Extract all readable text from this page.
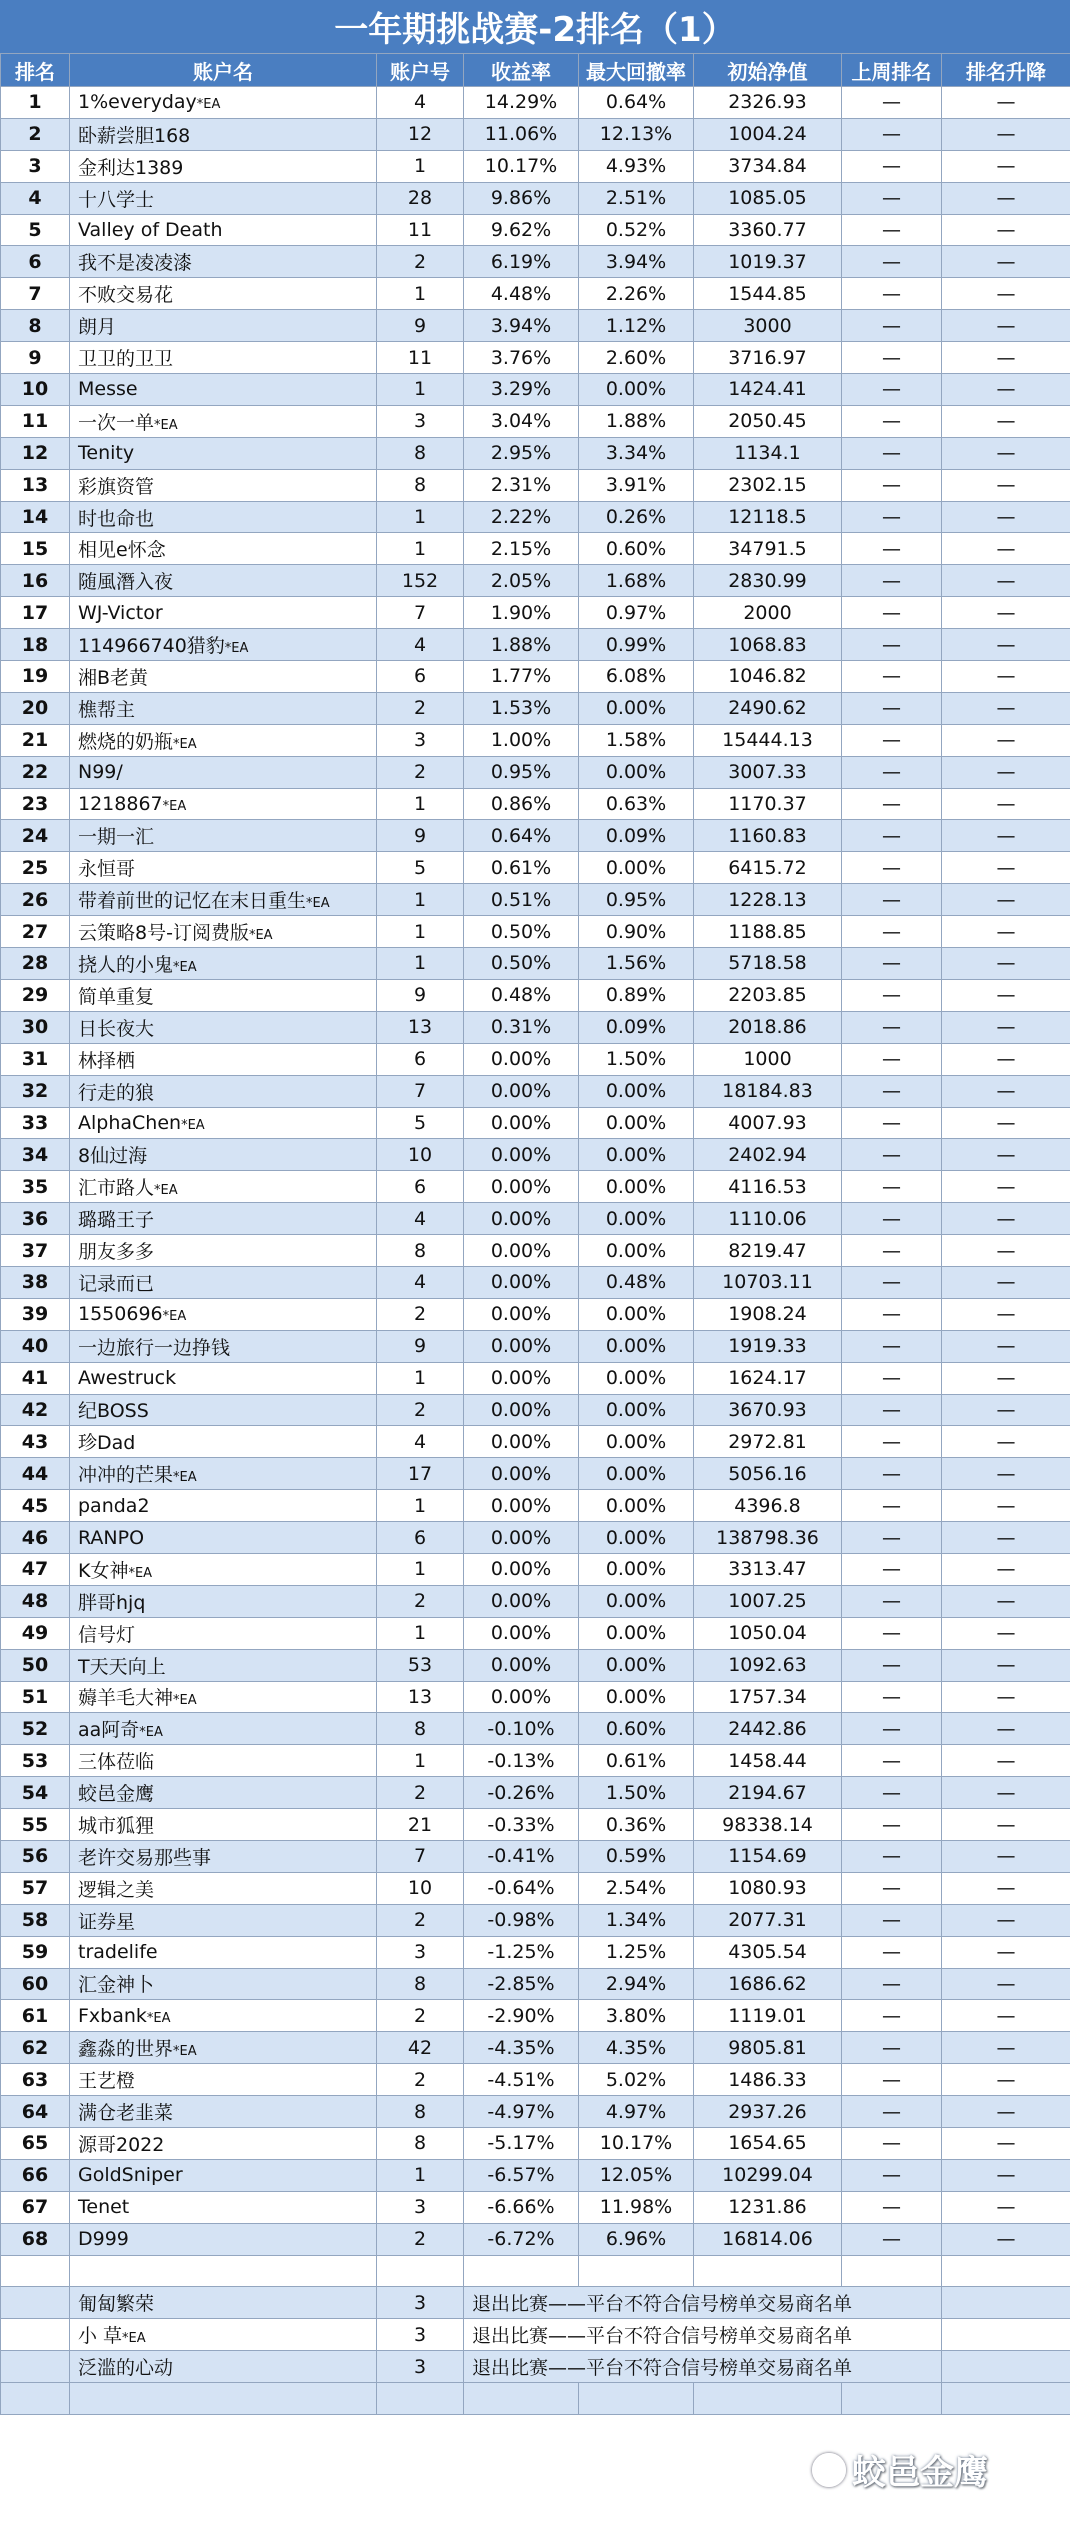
一年期挑战赛-2排名（1）
排名	账户名	账户号	收益率	最大回撤率	初始净值	上周排名	排名升降
1	1%everyday*EA	4	14.29%	0.64%	2326.93	—	—
2	卧薪尝胆168	12	11.06%	12.13%	1004.24	—	—
3	金利达1389	1	10.17%	4.93%	3734.84	—	—
4	十八学士	28	9.86%	2.51%	1085.05	—	—
5	Valley of Death	11	9.62%	0.52%	3360.77	—	—
6	我不是凌凌漆	2	6.19%	3.94%	1019.37	—	—
7	不败交易花	1	4.48%	2.26%	1544.85	—	—
8	朗月	9	3.94%	1.12%	3000	—	—
9	卫卫的卫卫	11	3.76%	2.60%	3716.97	—	—
10	Messe	1	3.29%	0.00%	1424.41	—	—
11	一次一单*EA	3	3.04%	1.88%	2050.45	—	—
12	Tenity	8	2.95%	3.34%	1134.1	—	—
13	彩旗资管	8	2.31%	3.91%	2302.15	—	—
14	时也命也	1	2.22%	0.26%	12118.5	—	—
15	相见e怀念	1	2.15%	0.60%	34791.5	—	—
16	随風潛入夜	152	2.05%	1.68%	2830.99	—	—
17	WJ-Victor	7	1.90%	0.97%	2000	—	—
18	114966740猎豹*EA	4	1.88%	0.99%	1068.83	—	—
19	湘B老黄	6	1.77%	6.08%	1046.82	—	—
20	樵帮主	2	1.53%	0.00%	2490.62	—	—
21	燃烧的奶瓶*EA	3	1.00%	1.58%	15444.13	—	—
22	N99/	2	0.95%	0.00%	3007.33	—	—
23	1218867*EA	1	0.86%	0.63%	1170.37	—	—
24	一期一汇	9	0.64%	0.09%	1160.83	—	—
25	永恒哥	5	0.61%	0.00%	6415.72	—	—
26	带着前世的记忆在末日重生*EA	1	0.51%	0.95%	1228.13	—	—
27	云策略8号-订阅费版*EA	1	0.50%	0.90%	1188.85	—	—
28	挠人的小鬼*EA	1	0.50%	1.56%	5718.58	—	—
29	简单重复	9	0.48%	0.89%	2203.85	—	—
30	日长夜大	13	0.31%	0.09%	2018.86	—	—
31	林择栖	6	0.00%	1.50%	1000	—	—
32	行走的狼	7	0.00%	0.00%	18184.83	—	—
33	AlphaChen*EA	5	0.00%	0.00%	4007.93	—	—
34	8仙过海	10	0.00%	0.00%	2402.94	—	—
35	汇市路人*EA	6	0.00%	0.00%	4116.53	—	—
36	璐璐王子	4	0.00%	0.00%	1110.06	—	—
37	朋友多多	8	0.00%	0.00%	8219.47	—	—
38	记录而已	4	0.00%	0.48%	10703.11	—	—
39	1550696*EA	2	0.00%	0.00%	1908.24	—	—
40	一边旅行一边挣钱	9	0.00%	0.00%	1919.33	—	—
41	Awestruck	1	0.00%	0.00%	1624.17	—	—
42	纪BOSS	2	0.00%	0.00%	3670.93	—	—
43	珍Dad	4	0.00%	0.00%	2972.81	—	—
44	冲冲的芒果*EA	17	0.00%	0.00%	5056.16	—	—
45	panda2	1	0.00%	0.00%	4396.8	—	—
46	RANPO	6	0.00%	0.00%	138798.36	—	—
47	K女神*EA	1	0.00%	0.00%	3313.47	—	—
48	胖哥hjq	2	0.00%	0.00%	1007.25	—	—
49	信号灯	1	0.00%	0.00%	1050.04	—	—
50	T天天向上	53	0.00%	0.00%	1092.63	—	—
51	薅羊毛大神*EA	13	0.00%	0.00%	1757.34	—	—
52	aa阿奇*EA	8	-0.10%	0.60%	2442.86	—	—
53	三体莅临	1	-0.13%	0.61%	1458.44	—	—
54	蛟邑金鹰	2	-0.26%	1.50%	2194.67	—	—
55	城市狐狸	21	-0.33%	0.36%	98338.14	—	—
56	老许交易那些事	7	-0.41%	0.59%	1154.69	—	—
57	逻辑之美	10	-0.64%	2.54%	1080.93	—	—
58	证券星	2	-0.98%	1.34%	2077.31	—	—
59	tradelife	3	-1.25%	1.25%	4305.54	—	—
60	汇金神卜	8	-2.85%	2.94%	1686.62	—	—
61	Fxbank*EA	2	-2.90%	3.80%	1119.01	—	—
62	鑫淼的世界*EA	42	-4.35%	4.35%	9805.81	—	—
63	王艺橙	2	-4.51%	5.02%	1486.33	—	—
64	满仓老韭菜	8	-4.97%	4.97%	2937.26	—	—
65	源哥2022	8	-5.17%	10.17%	1654.65	—	—
66	GoldSniper	1	-6.57%	12.05%	10299.04	—	—
67	Tenet	3	-6.66%	11.98%	1231.86	—	—
68	D999	2	-6.72%	6.96%	16814.06	—	—

	匍匐繁荣	3	退出比赛——平台不符合信号榜单交易商名单				
	小 草*EA	3	退出比赛——平台不符合信号榜单交易商名单				
	泛滥的心动	3	退出比赛——平台不符合信号榜单交易商名单				

蛟邑金鹰
